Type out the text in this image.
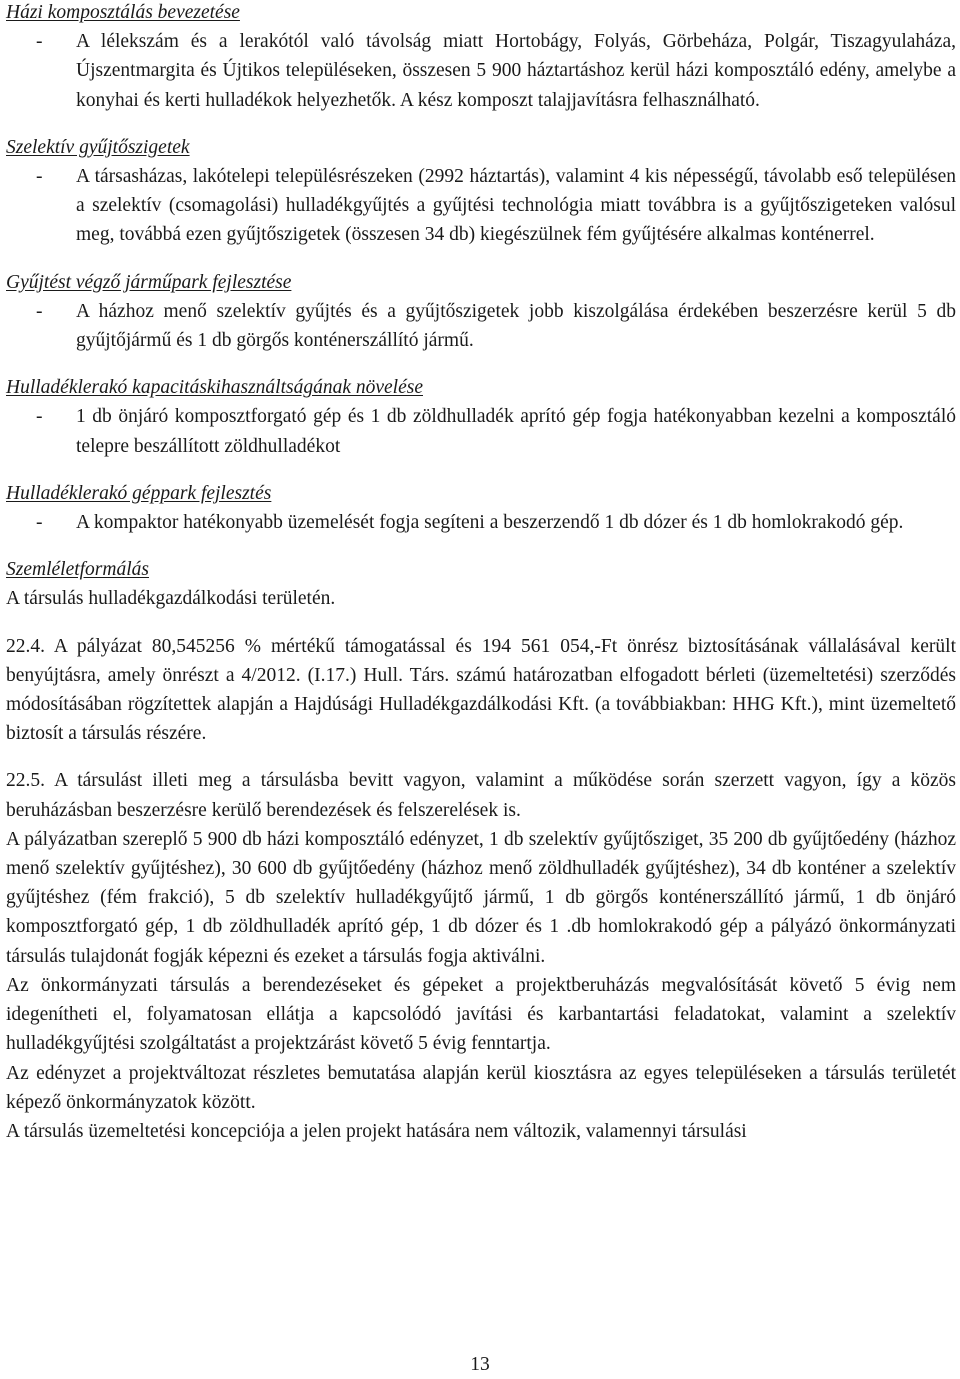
Házi komposztálás bevezetése

- A lélekszám és a lerakótól való távolság miatt Hortobágy, Folyás, Görbeháza, Polgár, Tiszagyulaháza, Újszentmargita és Újtikos településeken, összesen 5 900 háztartáshoz kerül házi komposztáló edény, amelybe a konyhai és kerti hulladékok helyezhetők. A kész komposzt talajjavításra felhasználható.

Szelektív gyűjtőszigetek

- A társasházas, lakótelepi településrészeken (2992 háztartás), valamint 4 kis népességű, távolabb eső településen a szelektív (csomagolási) hulladékgyűjtés a gyűjtési technológia miatt továbbra is a gyűjtőszigeteken valósul meg, továbbá ezen gyűjtőszigetek (összesen 34 db) kiegészülnek fém gyűjtésére alkalmas konténerrel.

Gyűjtést végző járműpark fejlesztése

- A házhoz menő szelektív gyűjtés és a gyűjtőszigetek jobb kiszolgálása érdekében beszerzésre kerül 5 db gyűjtőjármű és 1 db görgős konténerszállító jármű.

Hulladéklerakó kapacitáskihasználtságának növelése

- 1 db önjáró komposztforgató gép és 1 db zöldhulladék aprító gép fogja hatékonyabban kezelni a komposztáló telepre beszállított zöldhulladékot

Hulladéklerakó géppark fejlesztés

- A kompaktor hatékonyabb üzemelését fogja segíteni a beszerzendő 1 db dózer és 1 db homlokrakodó gép.

Szemléletformálás

A társulás hulladékgazdálkodási területén.

22.4. A pályázat 80,545256 % mértékű támogatással és 194 561 054,-Ft önrész biztosításának vállalásával került benyújtásra, amely önrészt a 4/2012. (I.17.) Hull. Társ. számú határozatban elfogadott bérleti (üzemeltetési) szerződés módosításában rögzítettek alapján a Hajdúsági Hulladékgazdálkodási Kft. (a továbbiakban: HHG Kft.), mint üzemeltető biztosít a társulás részére.

22.5. A társulást illeti meg a társulásba bevitt vagyon, valamint a működése során szerzett vagyon, így a közös beruházásban beszerzésre kerülő berendezések és felszerelések is.

A pályázatban szereplő 5 900 db házi komposztáló edényzet, 1 db szelektív gyűjtősziget, 35 200 db gyűjtőedény (házhoz menő szelektív gyűjtéshez), 30 600 db gyűjtőedény (házhoz menő zöldhulladék gyűjtéshez), 34 db konténer a szelektív gyűjtéshez (fém frakció), 5 db szelektív hulladékgyűjtő jármű, 1 db görgős konténerszállító jármű, 1 db önjáró komposztforgató gép, 1 db zöldhulladék aprító gép, 1 db dózer és 1 .db homlokrakodó gép a pályázó önkormányzati társulás tulajdonát fogják képezni és ezeket a társulás fogja aktiválni.

Az önkormányzati társulás a berendezéseket és gépeket a projektberuházás megvalósítását követő 5 évig nem idegenítheti el, folyamatosan ellátja a kapcsolódó javítási és karbantartási feladatokat, valamint a szelektív hulladékgyűjtési szolgáltatást a projektzárást követő 5 évig fenntartja.

Az edényzet a projektváltozat részletes bemutatása alapján kerül kiosztásra az egyes településeken a társulás területét képező önkormányzatok között.

A társulás üzemeltetési koncepciója a jelen projekt hatására nem változik, valamennyi társulási

13
